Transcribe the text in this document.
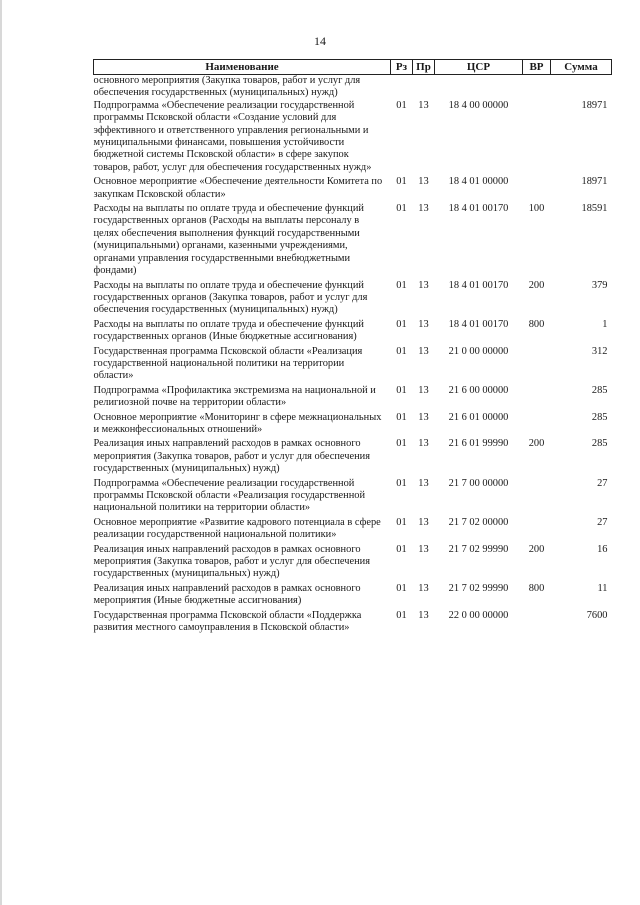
14
Наименование	Рз	Пр	ЦСР	ВР	Сумма
основного мероприятия (Закупка товаров, работ и услуг для обеспечения государственных (муниципальных) нужд)					
Подпрограмма «Обеспечение реализации государственной программы Псковской области «Создание условий для эффективного и ответственного управления региональными и муниципальными финансами, повышения устойчивости бюджетной системы Псковской области» в сфере закупок товаров, работ, услуг для обеспечения государственных нужд»	01	13	18 4 00 00000		18971
Основное мероприятие «Обеспечение деятельности Комитета по закупкам Псковской области»	01	13	18 4 01 00000		18971
Расходы на выплаты по оплате труда и обеспечение функций государственных органов (Расходы на выплаты персоналу в целях обеспечения выполнения функций государственными (муниципальными) органами, казенными учреждениями, органами управления государственными внебюджетными фондами)	01	13	18 4 01 00170	100	18591
Расходы на выплаты по оплате труда и обеспечение функций государственных органов (Закупка товаров, работ и услуг для обеспечения государственных (муниципальных) нужд)	01	13	18 4 01 00170	200	379
Расходы на выплаты по оплате труда и обеспечение функций государственных органов (Иные бюджетные ассигнования)	01	13	18 4 01 00170	800	1
Государственная программа Псковской области «Реализация государственной национальной политики на территории области»	01	13	21 0 00 00000		312
Подпрограмма «Профилактика экстремизма на национальной и религиозной почве на территории области»	01	13	21 6 00 00000		285
Основное мероприятие «Мониторинг в сфере межнациональных и межконфессиональных отношений»	01	13	21 6 01 00000		285
Реализация иных направлений расходов в рамках основного мероприятия (Закупка товаров, работ и услуг для обеспечения государственных (муниципальных) нужд)	01	13	21 6 01 99990	200	285
Подпрограмма «Обеспечение реализации государственной программы Псковской области «Реализация государственной национальной политики на территории области»	01	13	21 7 00 00000		27
Основное мероприятие «Развитие кадрового потенциала в сфере реализации государственной национальной политики»	01	13	21 7 02 00000		27
Реализация иных направлений расходов в рамках основного мероприятия (Закупка товаров, работ и услуг для обеспечения государственных (муниципальных) нужд)	01	13	21 7 02 99990	200	16
Реализация иных направлений расходов в рамках основного мероприятия (Иные бюджетные ассигнования)	01	13	21 7 02 99990	800	11
Государственная программа Псковской области «Поддержка развития местного самоуправления в Псковской области»	01	13	22 0 00 00000		7600
